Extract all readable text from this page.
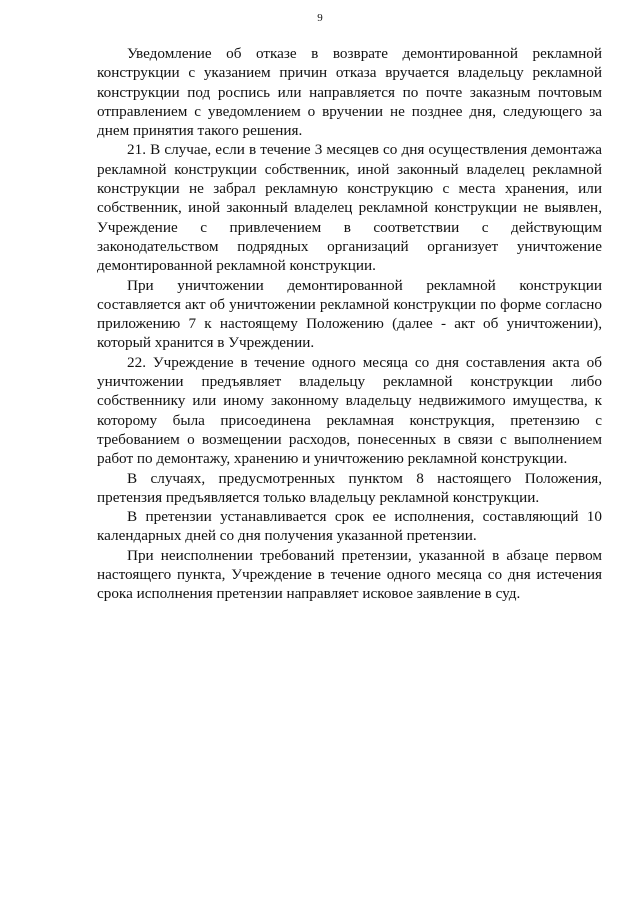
9

Уведомление об отказе в возврате демонтированной рекламной конструкции с указанием причин отказа вручается владельцу рекламной конструкции под роспись или направляется по почте заказным почтовым отправлением с уведомлением о вручении не позднее дня, следующего за днем принятия такого решения.

21. В случае, если в течение 3 месяцев со дня осуществления демонтажа рекламной конструкции собственник, иной законный владелец рекламной конструкции не забрал рекламную конструкцию с места хранения, или собственник, иной законный владелец рекламной конструкции не выявлен, Учреждение с привлечением в соответствии с действующим законодательством подрядных организаций организует уничтожение демонтированной рекламной конструкции.

При уничтожении демонтированной рекламной конструкции составляется акт об уничтожении рекламной конструкции по форме согласно приложению 7 к настоящему Положению (далее - акт об уничтожении), который хранится в Учреждении.

22. Учреждение в течение одного месяца со дня составления акта об уничтожении предъявляет владельцу рекламной конструкции либо собственнику или иному законному владельцу недвижимого имущества, к которому была присоединена рекламная конструкция, претензию с требованием о возмещении расходов, понесенных в связи с выполнением работ по демонтажу, хранению и уничтожению рекламной конструкции.

В случаях, предусмотренных пунктом 8 настоящего Положения, претензия предъявляется только владельцу рекламной конструкции.

В претензии устанавливается срок ее исполнения, составляющий 10 календарных дней со дня получения указанной претензии.

При неисполнении требований претензии, указанной в абзаце первом настоящего пункта, Учреждение в течение одного месяца со дня истечения срока исполнения претензии направляет исковое заявление в суд.
